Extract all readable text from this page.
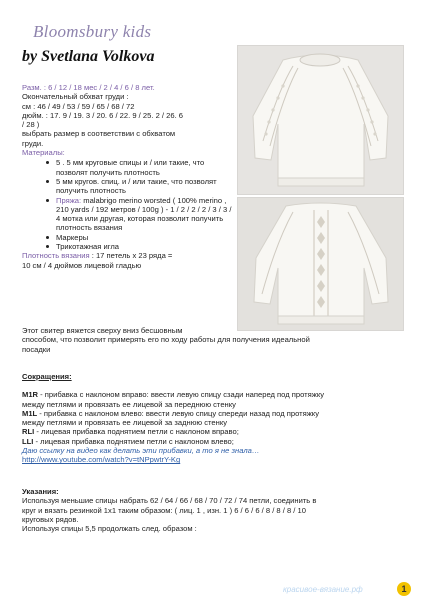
Bloomsbury kids
by Svetlana Volkova

Разм. : 6 / 12 / 18 мес / 2 / 4 / 6 / 8 лет.

Окончательный обхват груди :

см : 46 / 49 / 53 / 59 / 65 / 68 / 72

дюйм. : 17. 9 / 19. 3 / 20. 6 / 22. 9 / 25. 2 / 26. 6

/ 28 )

выбрать размер в соответствии с обхватом

груди.

Материалы:

5 . 5 мм круговые спицы и / или такие, что позволят получить плотность
5 мм кругов. спиц. и / или такие, что позволят получить плотность
Пряжа: malabrigo merino worsted ( 100% merino , 210 yards / 192 метров / 100g ) - 1 / 2 / 2 / 2 / 3 / 3 / 4 мотка или другая, которая позволит получить плотность вязания
Маркеры
Трикотажная игла

Плотность вязания : 17 петель х 23 ряда =

10 см / 4 дюймов лицевой гладью

Этот свитер вяжется сверху вниз бесшовным

способом, что позволит примерять его по ходу работы для получения идеальной

посадки

Сокращения:

M1R - прибавка с наклоном вправо: ввести левую спицу сзади наперед под протяжку

между петлями и провязать ее лицевой за переднюю стенку

M1L - прибавка с наклоном влево: ввести левую спицу спереди назад под протяжку

между петлями и провязать ее лицевой за заднюю стенку

RLI - лицевая прибавка поднятием петли с наклоном вправо;

LLI - лицевая прибавка поднятием петли с наклоном влево;

Даю ссылку на видео как делать эти прибавки, а то я не знала…

http://www.youtube.com/watch?v=tNPpwtrY-Kg

Указания:

Используя меньшие спицы набрать 62 / 64 / 66 / 68 / 70 / 72 / 74 петли, соединить в

круг и вязать резинкой 1х1 таким образом: ( лиц. 1 , изн. 1 ) 6 / 6 / 6 / 8 / 8 / 8 / 10

круговых рядов.

Используя спицы 5,5 продолжать след. образом :

красивое-вязание.рф	1
